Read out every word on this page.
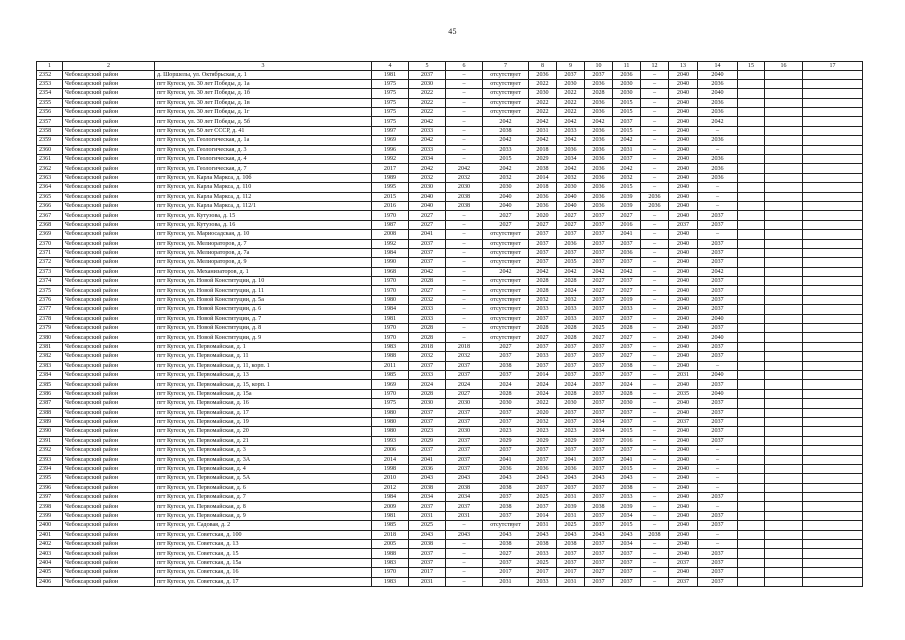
45
1	2	3	4	5	6	7	8	9	10	11	12	13	14	15	16	17
2352	Чебоксарский район	д. Шоршелы, ул. Октябрьская, д. 1	1981	2037	–	отсутствует	2036	2037	2037	2036	–	2040	2040			
2353	Чебоксарский район	пгт Кугеси, ул. 30 лет Победы, д. 1а	1975	2030	–	отсутствует	2022	2030	2036	2030	–	2040	2036			
2354	Чебоксарский район	пгт Кугеси, ул. 30 лет Победы, д. 1б	1975	2022	–	отсутствует	2030	2022	2028	2030	–	2040	2040			
2355	Чебоксарский район	пгт Кугеси, ул. 30 лет Победы, д. 1в	1975	2022	–	отсутствует	2022	2022	2036	2015	–	2040	2036			
2356	Чебоксарский район	пгт Кугеси, ул. 30 лет Победы, д. 1г	1975	2022	–	отсутствует	2022	2022	2036	2015	–	2040	2036			
2357	Чебоксарский район	пгт Кугеси, ул. 30 лет Победы, д. 5б	1975	2042	–	2042	2042	2042	2042	2037	–	2040	2042			
2358	Чебоксарский район	пгт Кугеси, ул. 50 лет СССР, д. 41	1997	2033	–	2038	2031	2033	2036	2015	–	2040	–			
2359	Чебоксарский район	пгт Кугеси, ул. Геологическая, д. 1а	1969	2042	–	2042	2042	2042	2036	2042	–	2040	2036			
2360	Чебоксарский район	пгт Кугеси, ул. Геологическая, д. 3	1996	2033	–	2033	2018	2036	2036	2031	–	2040	–			
2361	Чебоксарский район	пгт Кугеси, ул. Геологическая, д. 4	1992	2034	–	2015	2029	2034	2036	2037	–	2040	2036			
2362	Чебоксарский район	пгт Кугеси, ул. Геологическая, д. 7	2017	2042	2042	2042	2038	2042	2036	2042	–	2040	2036			
2363	Чебоксарский район	пгт Кугеси, ул. Карла Маркса, д. 10б	1989	2032	2032	2032	2014	2032	2036	2032	–	2040	2036			
2364	Чебоксарский район	пгт Кугеси, ул. Карла Маркса, д. 110	1995	2030	2030	2030	2018	2030	2036	2015	–	2040	–			
2365	Чебоксарский район	пгт Кугеси, ул. Карла Маркса, д. 112	2015	2040	2038	2040	2036	2040	2036	2039	2036	2040	–			
2366	Чебоксарский район	пгт Кугеси, ул. Карла Маркса, д. 112/1	2016	2040	2038	2040	2036	2040	2036	2039	2036	2040	–			
2367	Чебоксарский район	пгт Кугеси, ул. Кутузова, д. 15	1970	2027	–	2027	2020	2027	2037	2027	–	2040	2037			
2368	Чебоксарский район	пгт Кугеси, ул. Кутузова, д. 16	1987	2027	–	2027	2027	2027	2037	2016	–	2037	2037			
2369	Чебоксарский район	пгт Кугеси, ул. Мариосадская, д. 10	2008	2041	–	отсутствует	2037	2037	2037	2041	–	2040	–			
2370	Чебоксарский район	пгт Кугеси, ул. Мелиораторов, д. 7	1992	2037	–	отсутствует	2037	2036	2037	2037	–	2040	2037			
2371	Чебоксарский район	пгт Кугеси, ул. Мелиораторов, д. 7а	1984	2037	–	отсутствует	2037	2037	2037	2036	–	2040	2037			
2372	Чебоксарский район	пгт Кугеси, ул. Мелиораторов, д. 9	1990	2037	–	отсутствует	2037	2035	2037	2037	–	2040	2037			
2373	Чебоксарский район	пгт Кугеси, ул. Механизаторов, д. 1	1968	2042	–	2042	2042	2042	2042	2042	–	2040	2042			
2374	Чебоксарский район	пгт Кугеси, ул. Новой Конституции, д. 10	1970	2028	–	отсутствует	2028	2028	2027	2037	–	2040	2037			
2375	Чебоксарский район	пгт Кугеси, ул. Новой Конституции, д. 11	1970	2027	–	отсутствует	2028	2024	2027	2027	–	2040	2037			
2376	Чебоксарский район	пгт Кугеси, ул. Новой Конституции, д. 5а	1980	2032	–	отсутствует	2032	2032	2037	2019	–	2040	2037			
2377	Чебоксарский район	пгт Кугеси, ул. Новой Конституции, д. 6	1984	2033	–	отсутствует	2033	2033	2037	2033	–	2040	2037			
2378	Чебоксарский район	пгт Кугеси, ул. Новой Конституции, д. 7	1981	2033	–	отсутствует	2037	2033	2037	2037	–	2040	2040			
2379	Чебоксарский район	пгт Кугеси, ул. Новой Конституции, д. 8	1970	2028	–	отсутствует	2028	2028	2025	2028	–	2040	2037			
2380	Чебоксарский район	пгт Кугеси, ул. Новой Конституции, д. 9	1970	2028	–	отсутствует	2027	2028	2027	2027	–	2040	2040			
2381	Чебоксарский район	пгт Кугеси, ул. Первомайская, д. 1	1983	2018	2018	2027	2037	2037	2037	2037	–	2040	2037			
2382	Чебоксарский район	пгт Кугеси, ул. Первомайская, д. 11	1988	2032	2032	2037	2033	2037	2037	2027	–	2040	2037			
2383	Чебоксарский район	пгт Кугеси, ул. Первомайская, д. 11, корп. 1	2011	2037	2037	2038	2037	2037	2037	2038	–	2040	–			
2384	Чебоксарский район	пгт Кугеси, ул. Первомайская, д. 13	1985	2033	2037	2037	2014	2037	2037	2037	–	2031	2040			
2385	Чебоксарский район	пгт Кугеси, ул. Первомайская, д. 15, корп. 1	1969	2024	2024	2024	2024	2024	2037	2024	–	2040	2037			
2386	Чебоксарский район	пгт Кугеси, ул. Первомайская, д. 15а	1970	2028	2027	2028	2024	2028	2037	2028	–	2035	2040			
2387	Чебоксарский район	пгт Кугеси, ул. Первомайская, д. 16	1975	2030	2030	2030	2022	2030	2037	2030	–	2040	2037			
2388	Чебоксарский район	пгт Кугеси, ул. Первомайская, д. 17	1980	2037	2037	2037	2020	2037	2037	2037	–	2040	2037			
2389	Чебоксарский район	пгт Кугеси, ул. Первомайская, д. 19	1980	2037	2037	2037	2032	2037	2034	2037	–	2037	2037			
2390	Чебоксарский район	пгт Кугеси, ул. Первомайская, д. 20	1980	2023	2030	2023	2023	2023	2034	2015	–	2040	2037			
2391	Чебоксарский район	пгт Кугеси, ул. Первомайская, д. 21	1993	2029	2037	2029	2029	2029	2037	2016	–	2040	2037			
2392	Чебоксарский район	пгт Кугеси, ул. Первомайская, д. 3	2006	2037	2037	2037	2037	2037	2037	2037	–	2040	–			
2393	Чебоксарский район	пгт Кугеси, ул. Первомайская, д. 3А	2014	2041	2037	2041	2037	2041	2037	2041	–	2040	–			
2394	Чебоксарский район	пгт Кугеси, ул. Первомайская, д. 4	1998	2036	2037	2036	2036	2036	2037	2015	–	2040	–			
2395	Чебоксарский район	пгт Кугеси, ул. Первомайская, д. 5А	2010	2043	2043	2043	2043	2043	2043	2043	–	2040	–			
2396	Чебоксарский район	пгт Кугеси, ул. Первомайская, д. 6	2012	2038	2038	2038	2037	2037	2037	2038	–	2040	–			
2397	Чебоксарский район	пгт Кугеси, ул. Первомайская, д. 7	1984	2034	2034	2037	2025	2031	2037	2033	–	2040	2037			
2398	Чебоксарский район	пгт Кугеси, ул. Первомайская, д. 8	2009	2037	2037	2038	2037	2039	2038	2039	–	2040	–			
2399	Чебоксарский район	пгт Кугеси, ул. Первомайская, д. 9	1981	2031	2031	2037	2014	2031	2037	2034	–	2040	2037			
2400	Чебоксарский район	пгт Кугеси, ул. Садовая, д. 2	1985	2025	–	отсутствует	2031	2025	2037	2015	–	2040	2037			
2401	Чебоксарский район	пгт Кугеси, ул. Советская, д. 100	2018	2043	2043	2043	2043	2043	2043	2043	2038	2040	–			
2402	Чебоксарский район	пгт Кугеси, ул. Советская, д. 13	2005	2038	–	2038	2038	2038	2037	2034	–	2040	–			
2403	Чебоксарский район	пгт Кугеси, ул. Советская, д. 15	1988	2037	–	2027	2033	2037	2037	2037	–	2040	2037			
2404	Чебоксарский район	пгт Кугеси, ул. Советская, д. 15а	1983	2037	–	2037	2025	2037	2037	2037	–	2037	2037			
2405	Чебоксарский район	пгт Кугеси, ул. Советская, д. 16	1970	2017	–	2017	2017	2017	2027	2037	–	2040	2037			
2406	Чебоксарский район	пгт Кугеси, ул. Советская, д. 17	1983	2031	–	2031	2033	2031	2037	2037	–	2037	2037			
